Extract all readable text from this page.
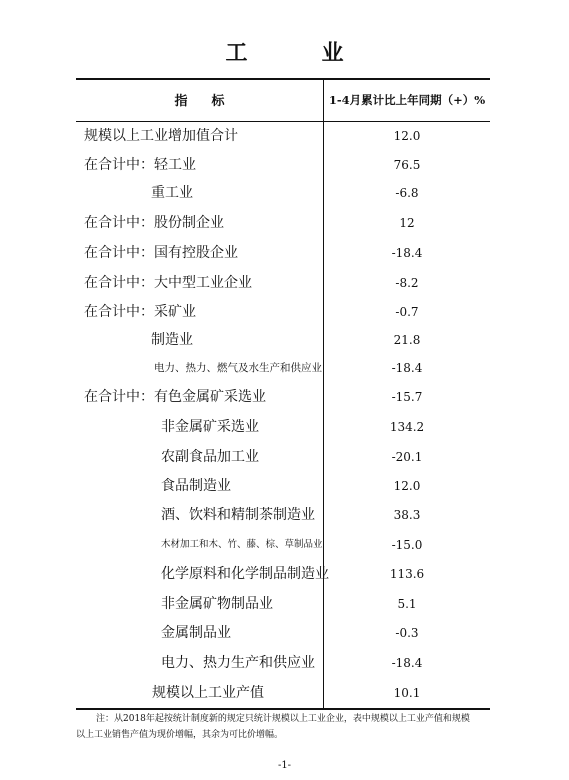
工　业
指标	1-4月累计比上年同期（+）%
规模以上工业增加值合计	12.0
在合计中：轻工业	76.5
重工业	-6.8
在合计中：股份制企业	12
在合计中：国有控股企业	-18.4
在合计中：大中型工业企业	-8.2
在合计中：采矿业	-0.7
制造业	21.8
电力、热力、燃气及水生产和供应业	-18.4
在合计中：有色金属矿采选业	-15.7
非金属矿采选业	134.2
农副食品加工业	-20.1
食品制造业	12.0
酒、饮料和精制茶制造业	38.3
木材加工和木、竹、藤、棕、草制品业	-15.0
化学原料和化学制品制造业	113.6
非金属矿物制品业	5.1
金属制品业	-0.3
电力、热力生产和供应业	-18.4
规模以上工业产值	10.1
注：从2018年起按统计制度新的规定只统计规模以上工业企业，表中规模以上工业产值和规模
以上工业销售产值为现价增幅，其余为可比价增幅。
-1-
